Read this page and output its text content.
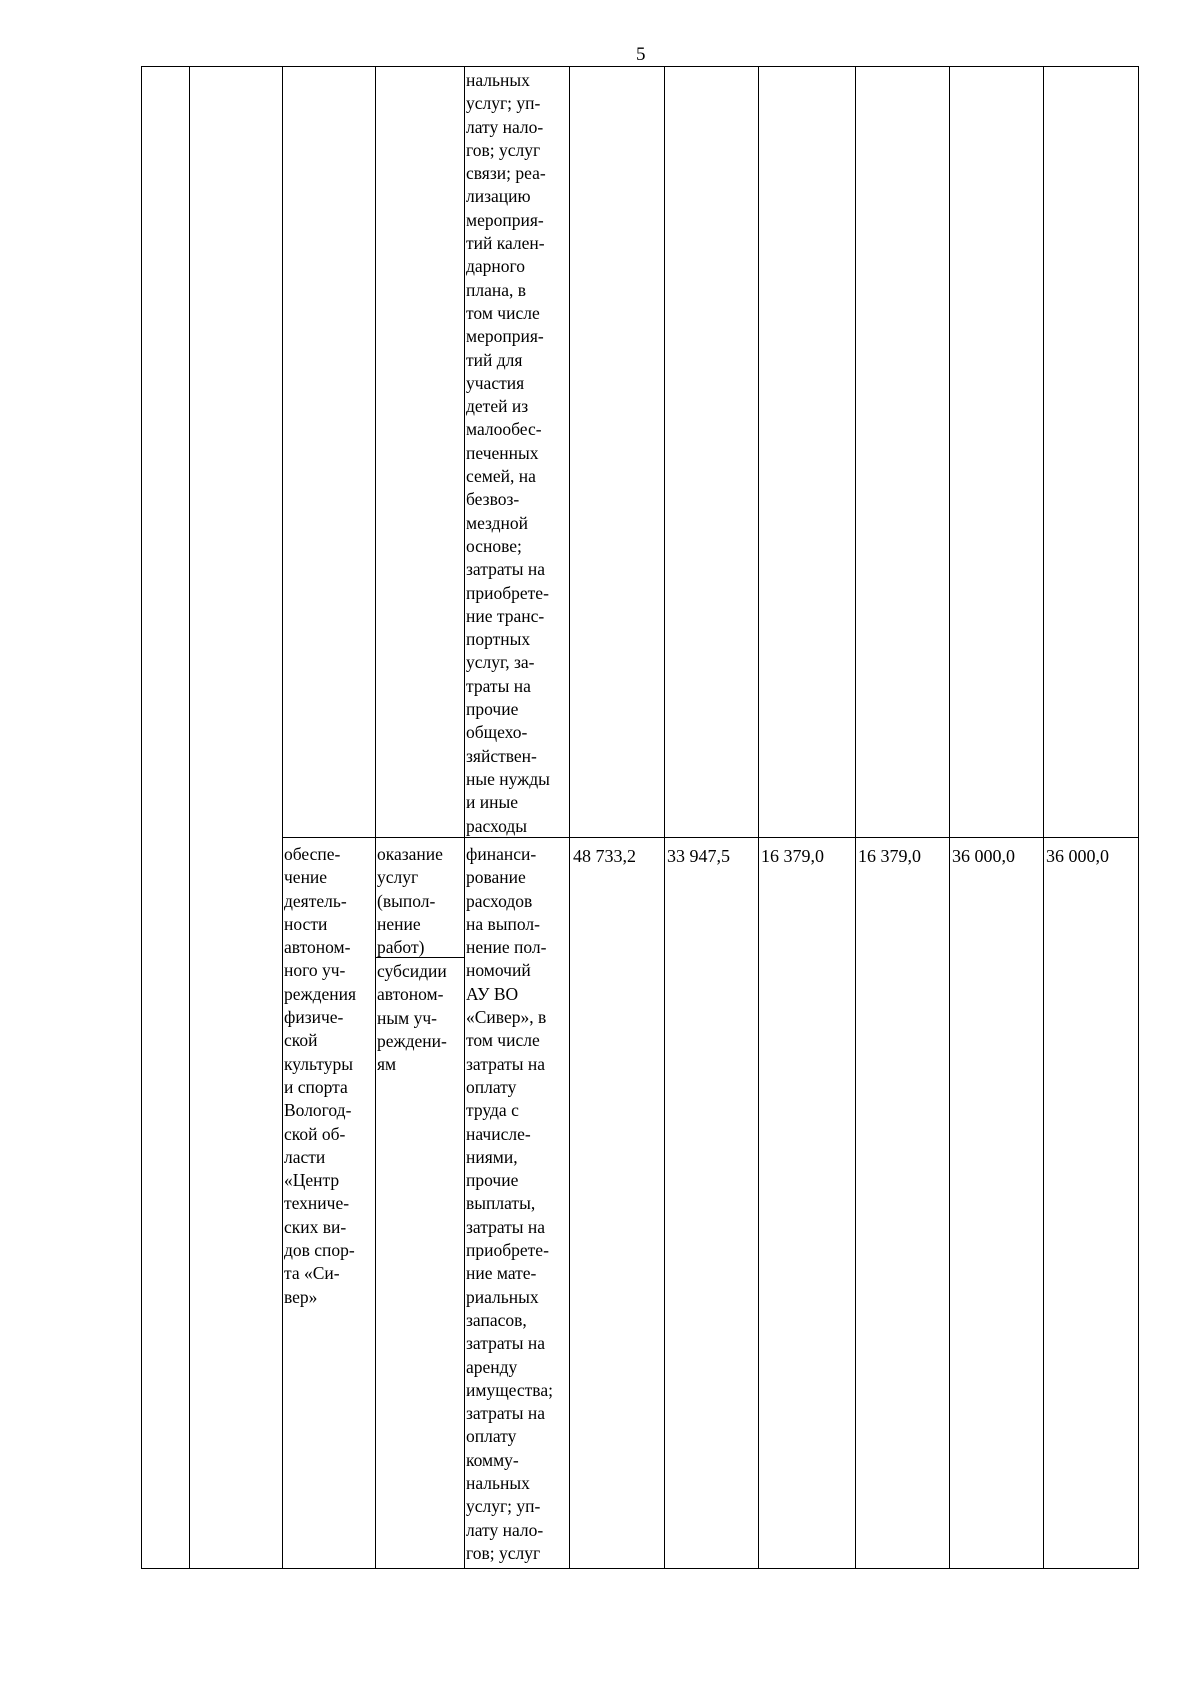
5
нальных
услуг; уп-
лату нало-
гов; услуг
связи; реа-
лизацию
мероприя-
тий кален-
дарного
плана, в
том числе
мероприя-
тий для
участия
детей из
малообес-
печенных
семей, на
безвоз-
мездной
основе;
затраты на
приобрете-
ние транс-
портных
услуг, за-
траты на
прочие
общехо-
зяйствен-
ные нужды
и иные
расходы
обеспе-
чение
деятель-
ности
автоном-
ного уч-
реждения
физиче-
ской
культуры
и спорта
Вологод-
ской об-
ласти
«Центр
техниче-
ских ви-
дов спор-
та «Си-
вер»
оказание
услуг
(выпол-
нение
работ)
субсидии
автоном-
ным уч-
реждени-
ям
финанси-
рование
расходов
на выпол-
нение пол-
номочий
АУ ВО
«Сивер», в
том числе
затраты на
оплату
труда с
начисле-
ниями,
прочие
выплаты,
затраты на
приобрете-
ние мате-
риальных
запасов,
затраты на
аренду
имущества;
затраты на
оплату
комму-
нальных
услуг; уп-
лату нало-
гов; услуг
48 733,2 33 947,5 16 379,0 16 379,0 36 000,0 36 000,0
